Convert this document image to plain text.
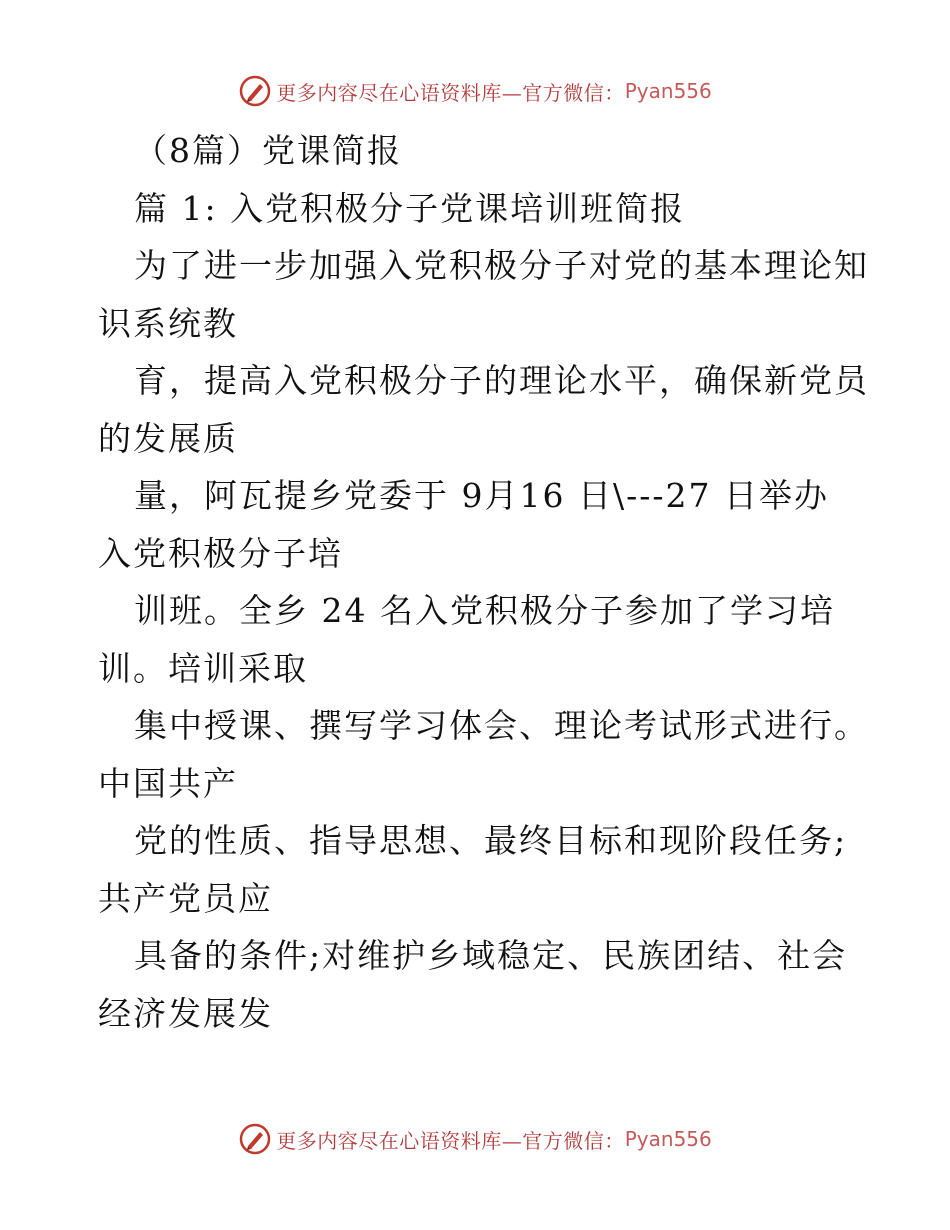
更多内容尽在心语资料库—官方微信： Pyan556
（8篇）党课简报
篇 1: 入党积极分子党课培训班简报
为了进一步加强入党积极分子对党的基本理论知
识系统教
育，提高入党积极分子的理论水平，确保新党员
的发展质
量，阿瓦提乡党委于 9月16 日\---27 日举办
入党积极分子培
训班。全乡 24 名入党积极分子参加了学习培
训。培训采取
集中授课、撰写学习体会、理论考试形式进行。
中国共产
党的性质、指导思想、最终目标和现阶段任务;
共产党员应
具备的条件;对维护乡域稳定、民族团结、社会
经济发展发
更多内容尽在心语资料库—官方微信： Pyan556
